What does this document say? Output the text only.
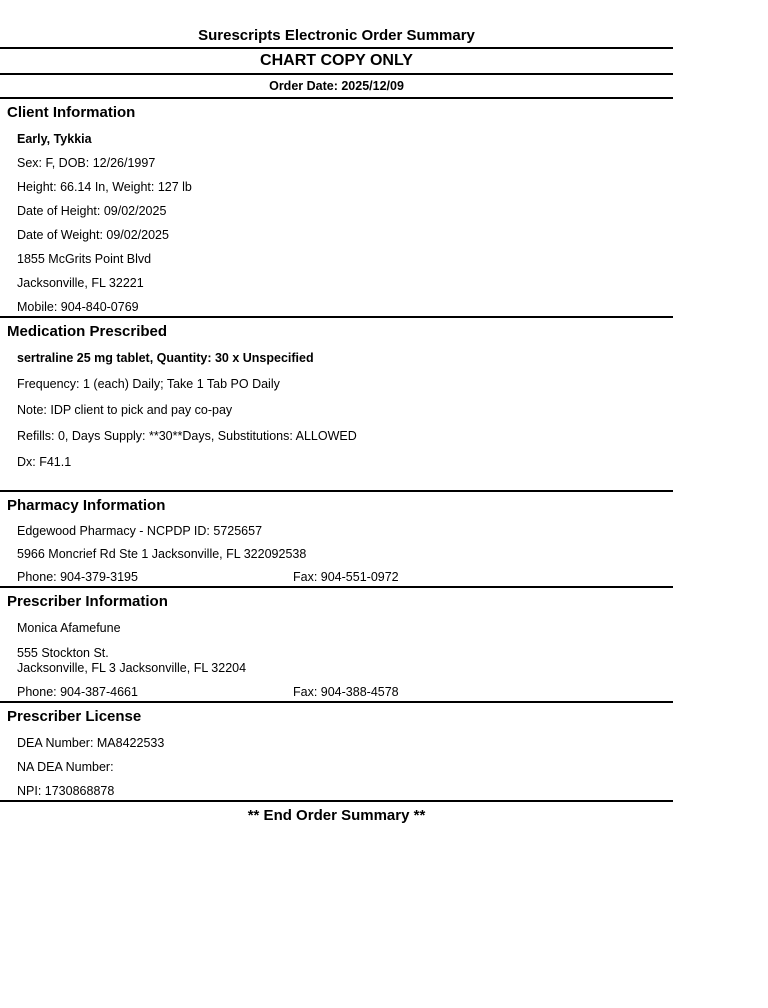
Surescripts Electronic Order Summary
CHART COPY ONLY
Order Date: 2025/12/09
Client Information
Early, Tykkia
Sex: F, DOB: 12/26/1997
Height: 66.14 In, Weight: 127 lb
Date of Height: 09/02/2025
Date of Weight: 09/02/2025
1855 McGrits Point Blvd
Jacksonville, FL 32221
Mobile: 904-840-0769
Medication Prescribed
sertraline 25 mg tablet, Quantity: 30 x Unspecified
Frequency: 1 (each) Daily; Take 1 Tab PO Daily
Note: IDP client to pick and pay co-pay
Refills: 0, Days Supply: **30**Days, Substitutions: ALLOWED
Dx: F41.1
Pharmacy Information
Edgewood Pharmacy - NCPDP ID: 5725657
5966 Moncrief Rd Ste 1 Jacksonville, FL 322092538
Phone: 904-379-3195	Fax: 904-551-0972
Prescriber Information
Monica Afamefune
555 Stockton St.
Jacksonville, FL 3 Jacksonville, FL 32204
Phone: 904-387-4661	Fax: 904-388-4578
Prescriber License
DEA Number: MA8422533
NA DEA Number:
NPI: 1730868878
** End Order Summary **
